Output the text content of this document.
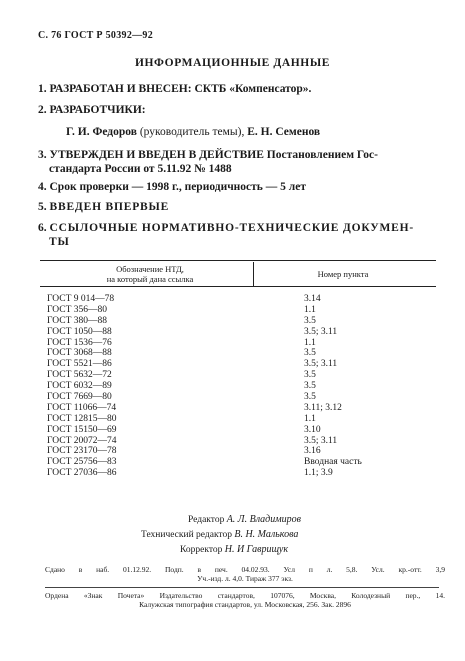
С. 76 ГОСТ Р 50392—92
ИНФОРМАЦИОННЫЕ ДАННЫЕ
1. РАЗРАБОТАН И ВНЕСЕН: СКТБ «Компенсатор».
2. РАЗРАБОТЧИКИ:
Г. И. Федоров (руководитель темы), Е. Н. Семенов
3. УТВЕРЖДЕН И ВВЕДЕН В ДЕЙСТВИЕ Постановлением Гос-
стандарта России от 5.11.92 № 1488
4. Срок проверки — 1998 г., периодичность — 5 лет
5. ВВЕДЕН ВПЕРВЫЕ
6. ССЫЛОЧНЫЕ НОРМАТИВНО-ТЕХНИЧЕСКИЕ ДОКУМЕН-
ТЫ
Обозначение НТД,
на который дана ссылка	Номер пункта
ГОСТ 9 014—78	3.14
ГОСТ 356—80	1.1
ГОСТ 380—88	3.5
ГОСТ 1050—88	3.5; 3.11
ГОСТ 1536—76	1.1
ГОСТ 3068—88	3.5
ГОСТ 5521—86	3.5; 3.11
ГОСТ 5632—72	3.5
ГОСТ 6032—89	3.5
ГОСТ 7669—80	3.5
ГОСТ 11066—74	3.11; 3.12
ГОСТ 12815—80	1.1
ГОСТ 15150—69	3.10
ГОСТ 20072—74	3.5; 3.11
ГОСТ 23170—78	3.16
ГОСТ 25756—83	Вводная часть
ГОСТ 27036—86	1.1; 3.9
Редактор А. Л. Владимиров
Технический редактор В. Н. Малькова
Корректор Н. И Гаврищук
Сдано в наб. 01.12.92. Подп. в печ. 04.02.93. Усл п л. 5,8. Усл. кр.-отт. 3,9
Уч.-изд. л. 4,0. Тираж 377 экз.
Ордена «Знак Почета» Издательство стандартов, 107076, Москва, Колодезный пер., 14.
Калужская типография стандартов, ул. Московская, 256. Зак. 2896
